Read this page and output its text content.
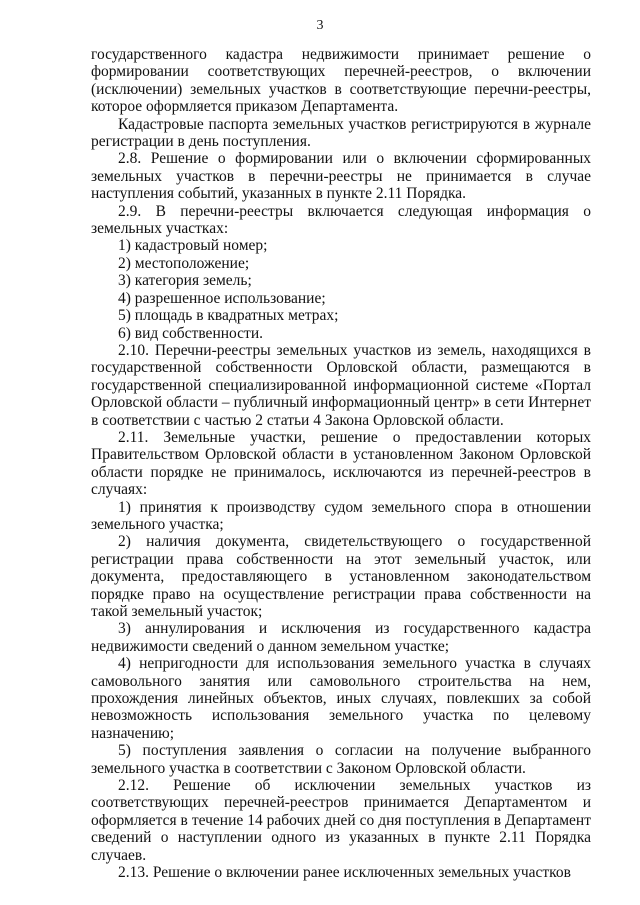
3

государственного кадастра недвижимости принимает решение о формировании соответствующих перечней-реестров, о включении (исключении) земельных участков в соответствующие перечни-реестры, которое оформляется приказом Департамента.

Кадастровые паспорта земельных участков регистрируются в журнале регистрации в день поступления.

2.8. Решение о формировании или о включении сформированных земельных участков в перечни-реестры не принимается в случае наступления событий, указанных в пункте 2.11 Порядка.

2.9. В перечни-реестры включается следующая информация о земельных участках:

1) кадастровый номер;

2) местоположение;

3) категория земель;

4) разрешенное использование;

5) площадь в квадратных метрах;

6) вид собственности.

2.10. Перечни-реестры земельных участков из земель, находящихся в государственной собственности Орловской области, размещаются в государственной специализированной информационной системе «Портал Орловской области – публичный информационный центр» в сети Интернет в соответствии с частью 2 статьи 4 Закона Орловской области.

2.11. Земельные участки, решение о предоставлении которых Правительством Орловской области в установленном Законом Орловской области порядке не принималось, исключаются из перечней-реестров в случаях:

1) принятия к производству судом земельного спора в отношении земельного участка;

2) наличия документа, свидетельствующего о государственной регистрации права собственности на этот земельный участок, или документа, предоставляющего в установленном законодательством порядке право на осуществление регистрации права собственности на такой земельный участок;

3) аннулирования и исключения из государственного кадастра недвижимости сведений о данном земельном участке;

4) непригодности для использования земельного участка в случаях самовольного занятия или самовольного строительства на нем, прохождения линейных объектов, иных случаях, повлекших за собой невозможность использования земельного участка по целевому назначению;

5) поступления заявления о согласии на получение выбранного земельного участка в соответствии с Законом Орловской области.

2.12. Решение об исключении земельных участков из соответствующих перечней-реестров принимается Департаментом и оформляется в течение 14 рабочих дней со дня поступления в Департамент сведений о наступлении одного из указанных в пункте 2.11 Порядка случаев.

2.13. Решение о включении ранее исключенных земельных участков
